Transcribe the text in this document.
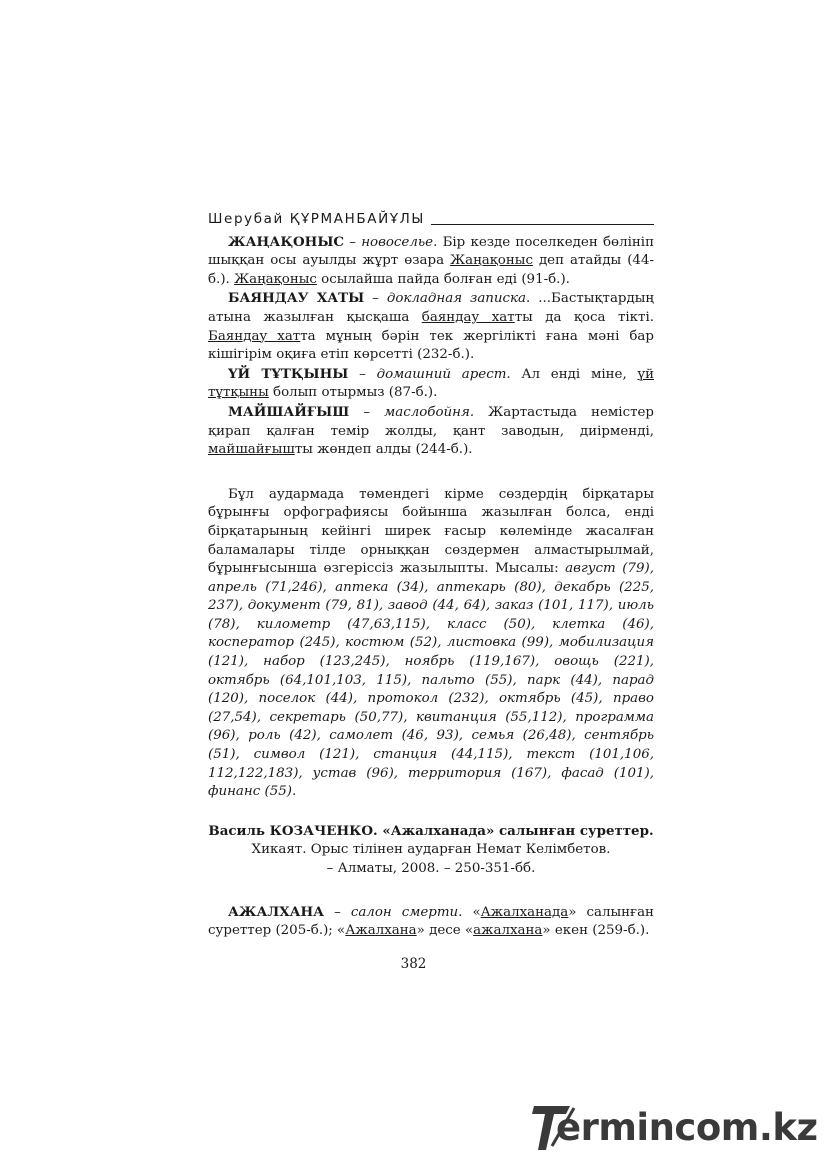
Шерубай ҚҰРМАНБАЙҰЛЫ

ЖАҢАҚОНЫС – новоселье. Бір кезде поселкеден бөлініп шыққан осы ауылды жұрт өзара Жаңақоныс деп атайды (44-б.). Жаңақоныс осылайша пайда болған еді (91-б.).

БАЯНДАУ ХАТЫ – докладная записка. ...Бастықтардың атына жазылған қысқаша баяндау хатты да қоса тікті. Баяндау хатта мұның бәрін тек жергілікті ғана мәні бар кішігірім оқиға етіп көрсетті (232-б.).

ҮЙ ТҰТҚЫНЫ – домашний арест. Ал енді міне, үй тұтқыны болып отырмыз (87-б.).

МАЙШАЙҒЫШ – маслобойня. Жартастыда немістер қирап қалған темір жолды, қант заводын, диірменді, майшайғышты жөндеп алды (244-б.).

Бұл аудармада төмендегі кірме сөздердің бірқатары бұрынғы орфографиясы бойынша жазылған болса, енді бірқатарының кейінгі ширек ғасыр көлемінде жасалған баламалары тілде орныққан сөздермен алмастырылмай, бұрынғысынша өзгеріссіз жазылыпты. Мысалы: август (79), апрель (71,246), аптека (34), аптекарь (80), декабрь (225, 237), документ (79, 81), завод (44, 64), заказ (101, 117), июль (78), километр (47,63,115), класс (50), клетка (46), косператор (245), костюм (52), листовка (99), мобилизация (121), набор (123,245), ноябрь (119,167), овощь (221), октябрь (64,101,103, 115), пальто (55), парк (44), парад (120), поселок (44), протокол (232), октябрь (45), право (27,54), секретарь (50,77), квитанция (55,112), программа (96), роль (42), самолет (46, 93), семья (26,48), сентябрь (51), символ (121), станция (44,115), текст (101,106, 112,122,183), устав (96), территория (167), фасад (101), финанс (55).

Василь КОЗАЧЕНКО. «Ажалханада» салынған суреттер.
Хикаят. Орыс тілінен аударған Немат Келімбетов.
– Алматы, 2008. – 250-351-бб.

АЖАЛХАНА – салон смерти. «Ажалханада» салынған суреттер (205-б.); «Ажалхана» десе «ажалхана» екен (259-б.).

382
ermincom.kz
